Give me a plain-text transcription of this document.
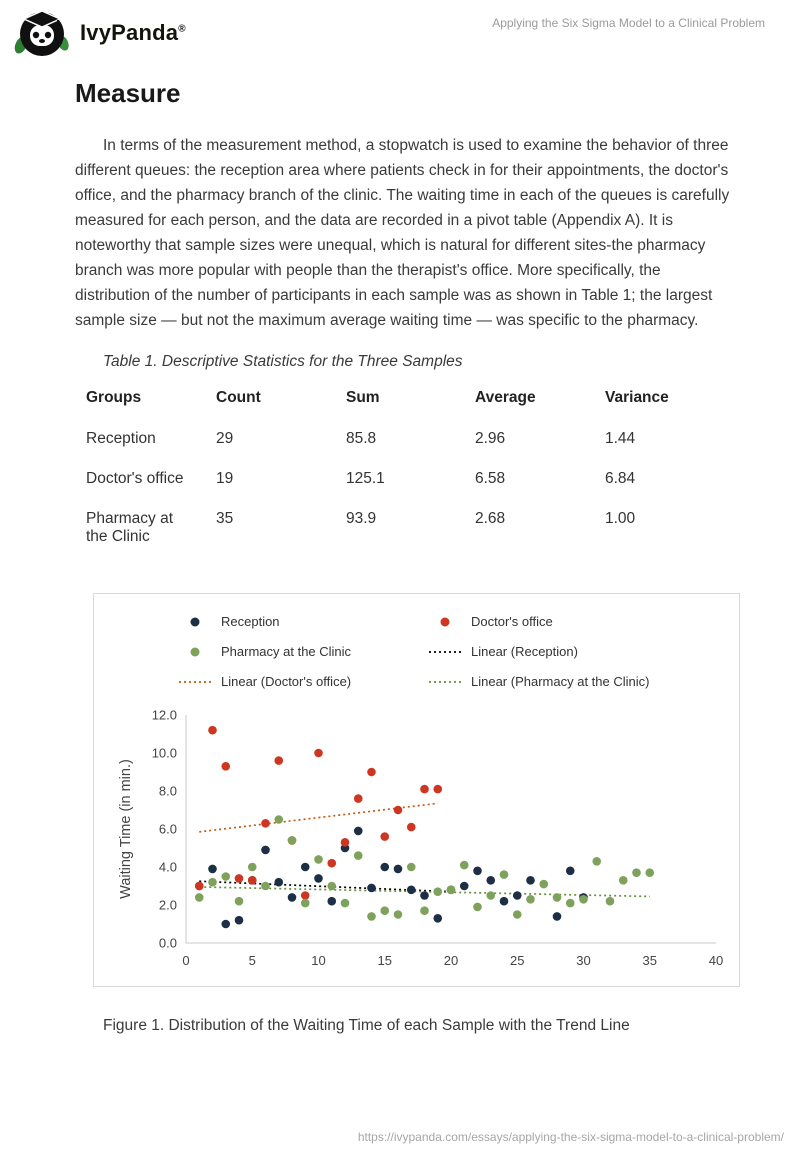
IvyPanda®	Applying the Six Sigma Model to a Clinical Problem
Measure

In terms of the measurement method, a stopwatch is used to examine the behavior of three different queues: the reception area where patients check in for their appointments, the doctor's office, and the pharmacy branch of the clinic. The waiting time in each of the queues is carefully measured for each person, and the data are recorded in a pivot table (Appendix A). It is noteworthy that sample sizes were unequal, which is natural for different sites-the pharmacy branch was more popular with people than the therapist's office. More specifically, the distribution of the number of participants in each sample was as shown in Table 1; the largest sample size — but not the maximum average waiting time — was specific to the pharmacy.

Table 1. Descriptive Statistics for the Three Samples
Groups	Count	Sum	Average	Variance
Reception	29	85.8	2.96	1.44
Doctor's office	19	125.1	6.58	6.84

Pharmacy at the Clinic	35	93.9	2.68	1.00
0.0
2.0
4.0
6.0
8.0
10.0
12.0
0	5	10	15	20	25	30	35	40
Waiting Time (in min.)
Reception	Doctor's office
Pharmacy at the Clinic	Linear (Reception)
Linear (Doctor's office)	Linear (Pharmacy at the Clinic)
Figure 1. Distribution of the Waiting Time of each Sample with the Trend Line
https://ivypanda.com/essays/applying-the-six-sigma-model-to-a-clinical-problem/
